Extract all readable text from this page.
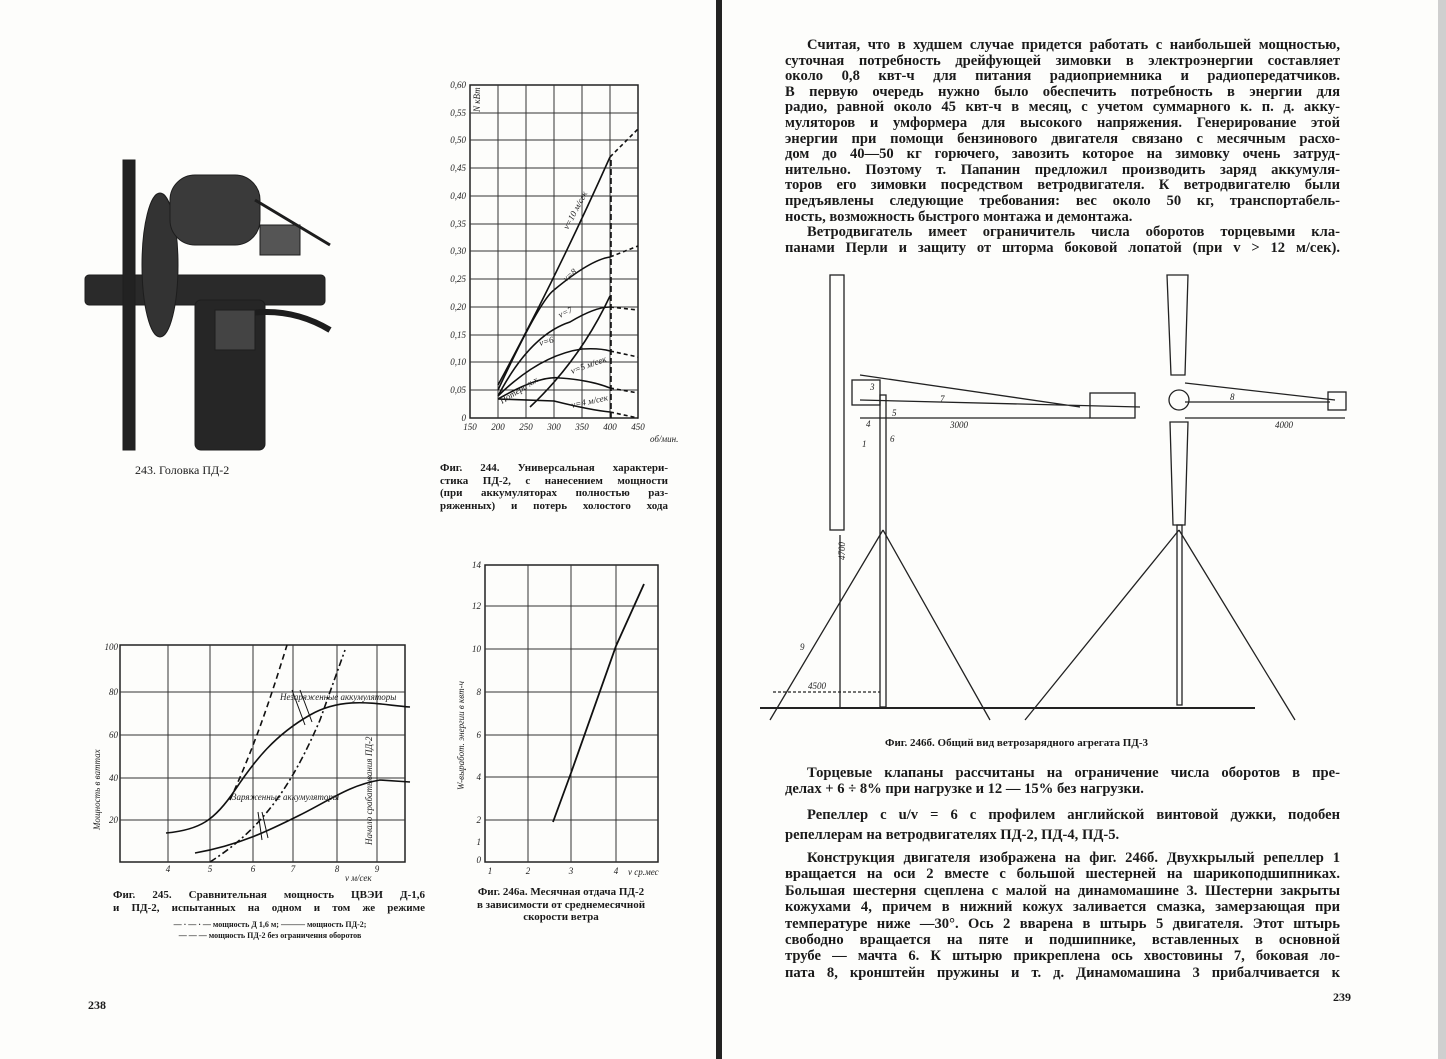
0,60
0,55
0,50
0,45
0,40
0,35
0,30
0,25
0,20
0,15
0,10
0,05
0
150 200 250 300 350 400 450
об/мин.
N кВт
v=10 м/сек
v=8
v=7
v=6
v=5 м/сек
v=4 м/сек
Потери х.х.
100
80
60
40
20
4	5	6	7	8	9
v м/сек
Мощность в ваттах
Незаряженные аккумуляторы
Заряженные аккумуляторы	Начало срабатывания ПД-2
14
12
10
8
6
4
2
1
0
1	2	3	4 v ср.мес
W-выработ. энергии в квт-ч
3
7
4
1	6
8
9
5
3000	4000
4700
4500
243. Головка ПД-2	Фиг. 244. Универсальная характери-
стика ПД-2, с нанесением мощности
(при аккумуляторах полностью раз-
ряженных) и потерь холостого хода
Фиг. 245. Сравнительная мощность ЦВЭИ Д-1,6
и ПД-2, испытанных на одном и том же режиме
— · — · — мощность Д 1,6 м; ——— мощность ПД-2;
— — — мощность ПД-2 без ограничения оборотов
Фиг. 246а. Месячная отдача ПД-2
в зависимости от среднемесячной
скорости ветра
238
Считая, что в худшем случае придется работать с наибольшей мощностью,
суточная потребность дрейфующей зимовки в электроэнергии составляет
около 0,8 квт-ч для питания радиоприемника и радиопередатчиков.
В первую очередь нужно было обеспечить потребность в энергии для
радио, равной около 45 квт-ч в месяц, с учетом суммарного к. п. д. акку-
муляторов и умформера для высокого напряжения. Генерирование этой
энергии при помощи бензинового двигателя связано с месячным расхо-
дом до 40—50 кг горючего, завозить которое на зимовку очень затруд-
нительно. Поэтому т. Папанин предложил производить заряд аккумуля-
торов его зимовки посредством ветродвигателя. К ветродвигателю были
предъявлены следующие требования: вес около 50 кг, транспортабель-
ность, возможность быстрого монтажа и демонтажа.
Ветродвигатель имеет ограничитель числа оборотов торцевыми кла-
панами Перли и защиту от шторма боковой лопатой (при v > 12 м/сек).
Фиг. 246б. Общий вид ветрозарядного агрегата ПД-3
Торцевые клапаны рассчитаны на ограничение числа оборотов в пре-
делах + 6 ÷ 8% при нагрузке и 12 — 15% без нагрузки.
Репеллер с u/v = 6 с профилем английской винтовой дужки, подобен
репеллерам на ветродвигателях ПД-2, ПД-4, ПД-5.
Конструкция двигателя изображена на фиг. 246б. Двухкрылый репеллер 1
вращается на оси 2 вместе с большой шестерней на шарикоподшипниках.
Большая шестерня сцеплена с малой на динамомашине 3. Шестерни закрыты
кожухами 4, причем в нижний кожух заливается смазка, замерзающая при
температуре ниже —30°. Ось 2 вварена в штырь 5 двигателя. Этот штырь
свободно вращается на пяте и подшипнике, вставленных в основной
трубе — мачта 6. К штырю прикреплена ось хвостовины 7, боковая ло-
пата 8, кронштейн пружины и т. д. Динамомашина 3 прибалчивается к
239
